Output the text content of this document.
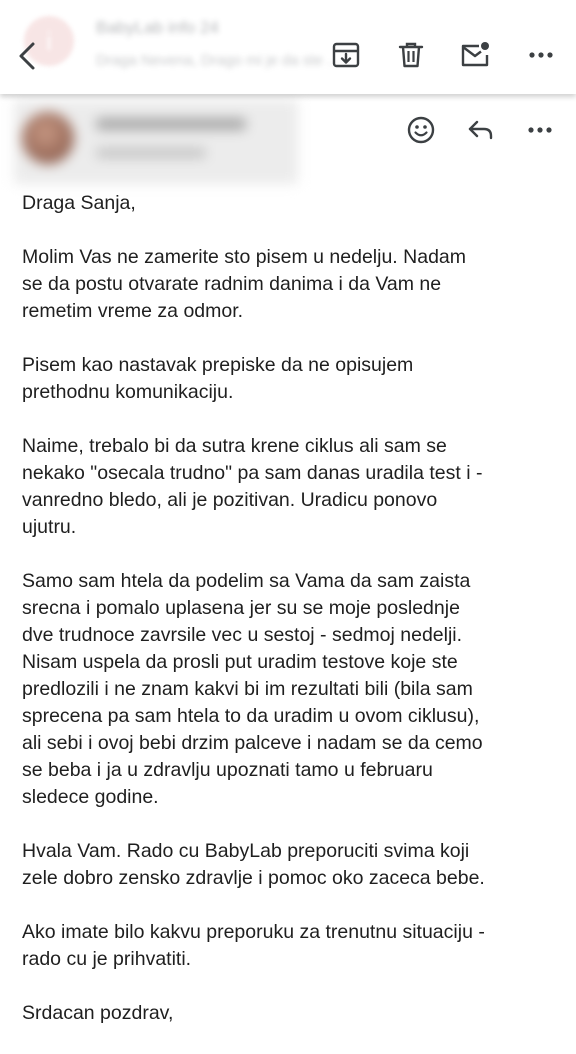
i	BabyLab info 24
Draga Nevena, Drago mi je da ste ...

Draga Sanja,

Molim Vas ne zamerite sto pisem u nedelju. Nadam
se da postu otvarate radnim danima i da Vam ne
remetim vreme za odmor.

Pisem kao nastavak prepiske da ne opisujem
prethodnu komunikaciju.

Naime, trebalo bi da sutra krene ciklus ali sam se
nekako "osecala trudno" pa sam danas uradila test i -
vanredno bledo, ali je pozitivan. Uradicu ponovo
ujutru.

Samo sam htela da podelim sa Vama da sam zaista
srecna i pomalo uplasena jer su se moje poslednje
dve trudnoce zavrsile vec u sestoj - sedmoj nedelji.
Nisam uspela da prosli put uradim testove koje ste
predlozili i ne znam kakvi bi im rezultati bili (bila sam
sprecena pa sam htela to da uradim u ovom ciklusu),
ali sebi i ovoj bebi drzim palceve i nadam se da cemo
se beba i ja u zdravlju upoznati tamo u februaru
sledece godine.

Hvala Vam. Rado cu BabyLab preporuciti svima koji
zele dobro zensko zdravlje i pomoc oko zaceca bebe.

Ako imate bilo kakvu preporuku za trenutnu situaciju -
rado cu je prihvatiti.

Srdacan pozdrav,
